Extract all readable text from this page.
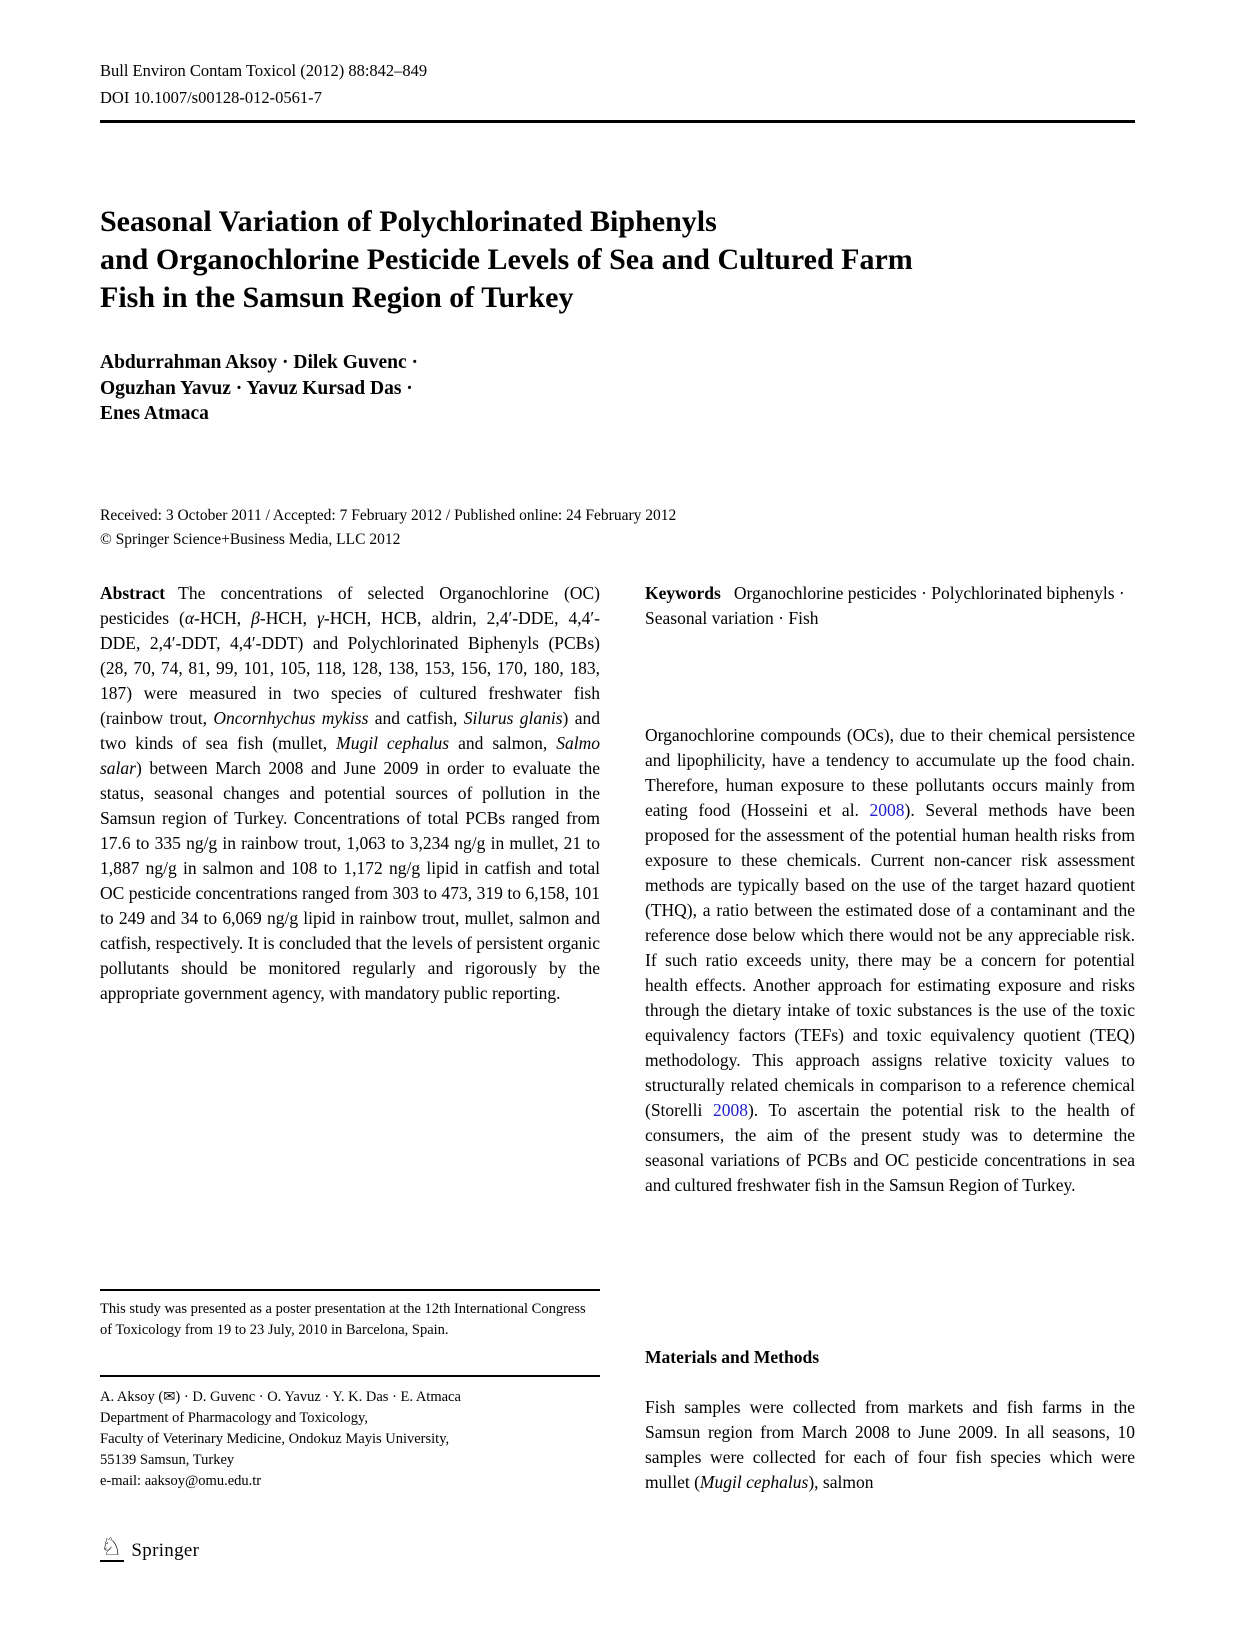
Bull Environ Contam Toxicol (2012) 88:842–849
DOI 10.1007/s00128-012-0561-7
Seasonal Variation of Polychlorinated Biphenyls
and Organochlorine Pesticide Levels of Sea and Cultured Farm
Fish in the Samsun Region of Turkey
Abdurrahman Aksoy · Dilek Guvenc ·
Oguzhan Yavuz · Yavuz Kursad Das ·
Enes Atmaca
Received: 3 October 2011 / Accepted: 7 February 2012 / Published online: 24 February 2012
© Springer Science+Business Media, LLC 2012

Abstract The concentrations of selected Organochlorine (OC) pesticides (α-HCH, β-HCH, γ-HCH, HCB, aldrin, 2,4′-DDE, 4,4′-DDE, 2,4′-DDT, 4,4′-DDT) and Polychlorinated Biphenyls (PCBs) (28, 70, 74, 81, 99, 101, 105, 118, 128, 138, 153, 156, 170, 180, 183, 187) were measured in two species of cultured freshwater fish (rainbow trout, Oncornhychus mykiss and catfish, Silurus glanis) and two kinds of sea fish (mullet, Mugil cephalus and salmon, Salmo salar) between March 2008 and June 2009 in order to evaluate the status, seasonal changes and potential sources of pollution in the Samsun region of Turkey. Concentrations of total PCBs ranged from 17.6 to 335 ng/g in rainbow trout, 1,063 to 3,234 ng/g in mullet, 21 to 1,887 ng/g in salmon and 108 to 1,172 ng/g lipid in catfish and total OC pesticide concentrations ranged from 303 to 473, 319 to 6,158, 101 to 249 and 34 to 6,069 ng/g lipid in rainbow trout, mullet, salmon and catfish, respectively. It is concluded that the levels of persistent organic pollutants should be monitored regularly and rigorously by the appropriate government agency, with mandatory public reporting.

Keywords Organochlorine pesticides · Polychlorinated biphenyls · Seasonal variation · Fish

Organochlorine compounds (OCs), due to their chemical persistence and lipophilicity, have a tendency to accumulate up the food chain. Therefore, human exposure to these pollutants occurs mainly from eating food (Hosseini et al. 2008). Several methods have been proposed for the assessment of the potential human health risks from exposure to these chemicals. Current non-cancer risk assessment methods are typically based on the use of the target hazard quotient (THQ), a ratio between the estimated dose of a contaminant and the reference dose below which there would not be any appreciable risk. If such ratio exceeds unity, there may be a concern for potential health effects. Another approach for estimating exposure and risks through the dietary intake of toxic substances is the use of the toxic equivalency factors (TEFs) and toxic equivalency quotient (TEQ) methodology. This approach assigns relative toxicity values to structurally related chemicals in comparison to a reference chemical (Storelli 2008). To ascertain the potential risk to the health of consumers, the aim of the present study was to determine the seasonal variations of PCBs and OC pesticide concentrations in sea and cultured freshwater fish in the Samsun Region of Turkey.

Materials and Methods

Fish samples were collected from markets and fish farms in the Samsun region from March 2008 to June 2009. In all seasons, 10 samples were collected for each of four fish species which were mullet (Mugil cephalus), salmon

This study was presented as a poster presentation at the 12th International Congress of Toxicology from 19 to 23 July, 2010 in Barcelona, Spain.
A. Aksoy (✉) · D. Guvenc · O. Yavuz · Y. K. Das · E. Atmaca
Department of Pharmacology and Toxicology,
Faculty of Veterinary Medicine, Ondokuz Mayis University,
55139 Samsun, Turkey
e-mail: aaksoy@omu.edu.tr
♘ Springer
